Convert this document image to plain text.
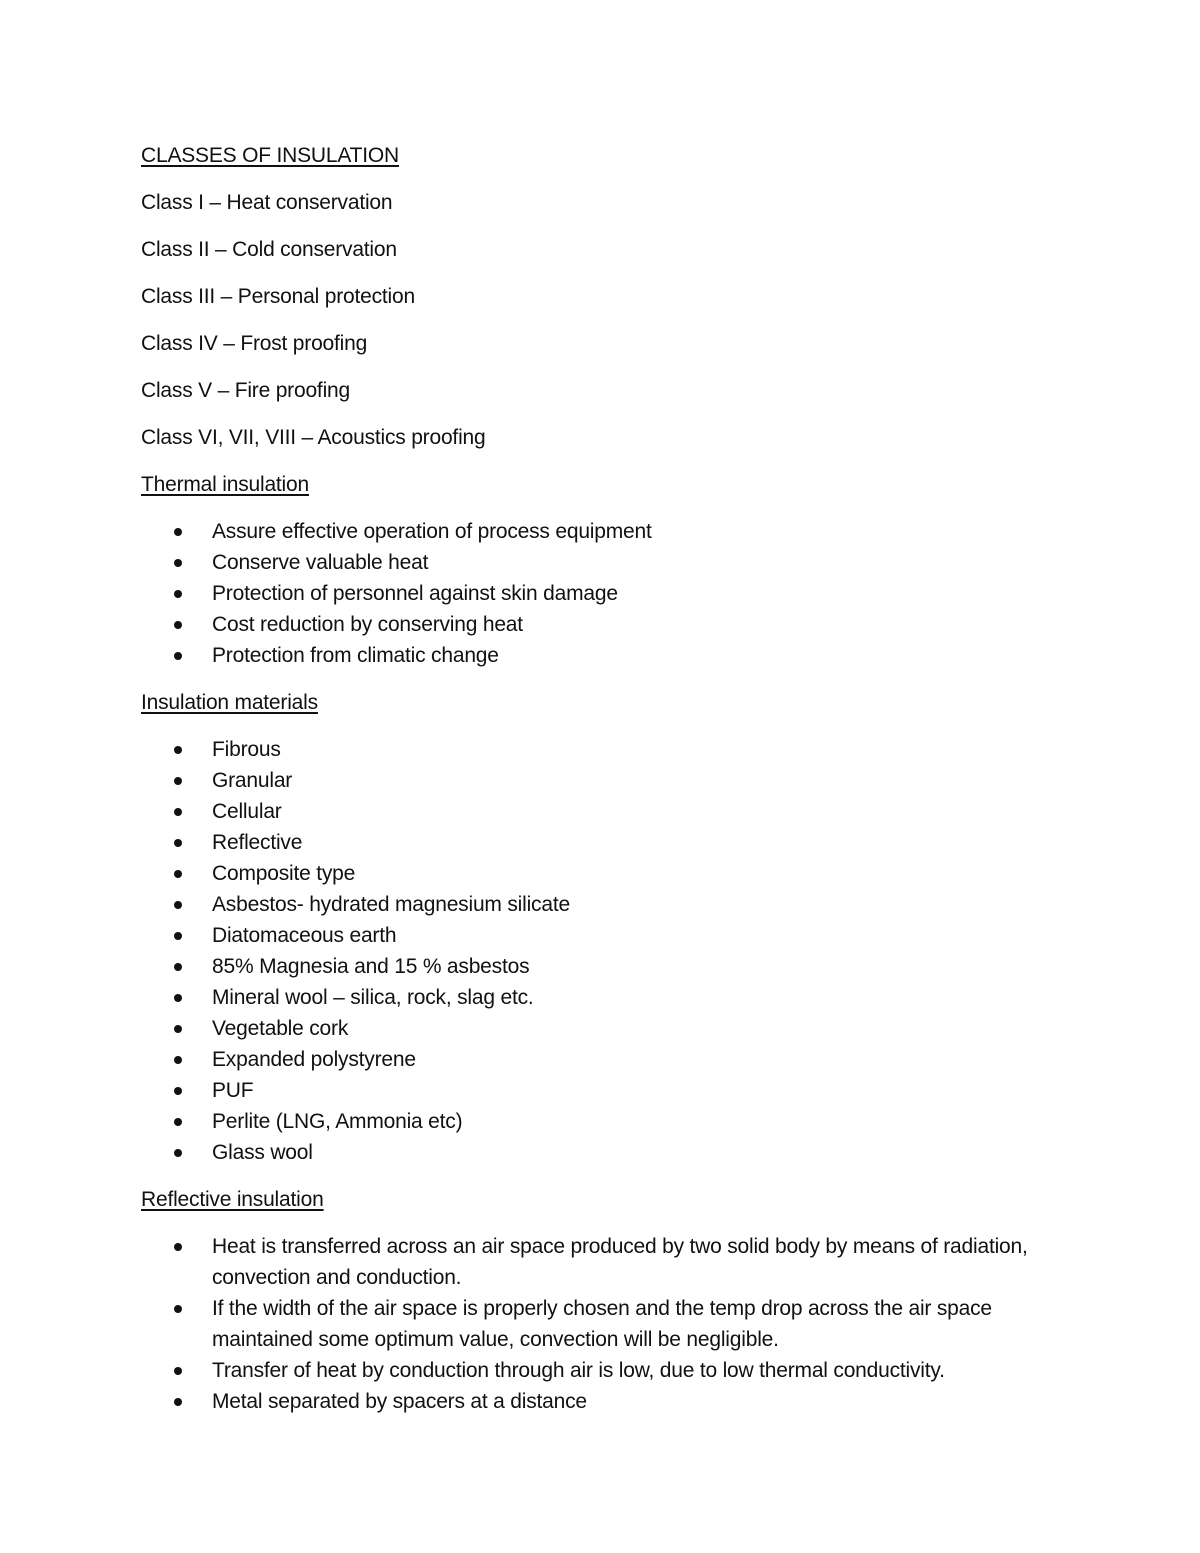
CLASSES OF INSULATION
Class I – Heat conservation
Class II – Cold conservation
Class III – Personal protection
Class IV – Frost proofing
Class V – Fire proofing
Class VI, VII, VIII – Acoustics proofing
Thermal insulation
Assure effective operation of process equipment
Conserve valuable heat
Protection of personnel against skin damage
Cost reduction by conserving heat
Protection from climatic change
Insulation materials
Fibrous
Granular
Cellular
Reflective
Composite type
Asbestos- hydrated magnesium silicate
Diatomaceous earth
85% Magnesia and 15 % asbestos
Mineral wool – silica, rock, slag etc.
Vegetable cork
Expanded polystyrene
PUF
Perlite (LNG, Ammonia etc)
Glass wool
Reflective insulation
Heat is transferred across an air space produced by two solid body by means of radiation, convection and conduction.
If the width of the air space is properly chosen and the temp drop across the air space maintained some optimum value, convection will be negligible.
Transfer of heat by conduction through air is low, due to low thermal conductivity.
Metal separated by spacers at a distance
